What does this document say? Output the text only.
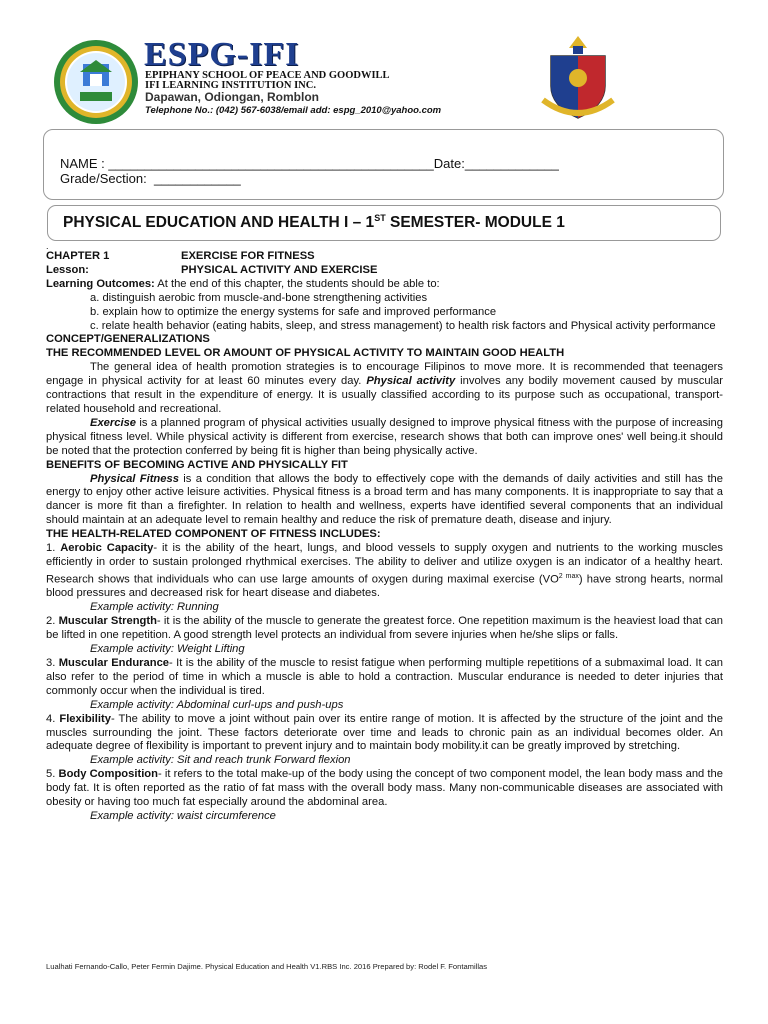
ESPG-IFI
EPIPHANY SCHOOL OF PEACE AND GOODWILL
IFI LEARNING INSTITUTION INC.
Dapawan, Odiongan, Romblon
Telephone No.: (042) 567-6038/email add: espg_2010@yahoo.com
NAME : _____________________________________________Date:_____________
Grade/Section: ____________
PHYSICAL EDUCATION AND HEALTH I – 1ST SEMESTER- MODULE 1

.

CHAPTER 1	EXERCISE FOR FITNESS

Lesson:	PHYSICAL ACTIVITY AND EXERCISE

Learning Outcomes: At the end of this chapter, the students should be able to:

a. distinguish aerobic from muscle-and-bone strengthening activities

b. explain how to optimize the energy systems for safe and improved performance

c. relate health behavior (eating habits, sleep, and stress management) to health risk factors and Physical activity performance

CONCEPT/GENERALIZATIONS

THE RECOMMENDED LEVEL OR AMOUNT OF PHYSICAL ACTIVITY TO MAINTAIN GOOD HEALTH

The general idea of health promotion strategies is to encourage Filipinos to move more. It is recommended that teenagers engage in physical activity for at least 60 minutes every day. Physical activity involves any bodily movement caused by muscular contractions that result in the expenditure of energy. It is usually classified according to its purpose such as occupational, transport-related household and recreational.

Exercise is a planned program of physical activities usually designed to improve physical fitness with the purpose of increasing physical fitness level. While physical activity is different from exercise, research shows that both can improve ones' well being.it should be noted that the protection conferred by being fit is higher than being physically active.

BENEFITS OF BECOMING ACTIVE AND PHYSICALLY FIT

Physical Fitness is a condition that allows the body to effectively cope with the demands of daily activities and still has the energy to enjoy other active leisure activities. Physical fitness is a broad term and has many components. It is inappropriate to say that a dancer is more fit than a firefighter. In relation to health and wellness, experts have identified several components that an individual should maintain at an adequate level to remain healthy and reduce the risk of premature death, disease and injury.

THE HEALTH-RELATED COMPONENT OF FITNESS INCLUDES:

1. Aerobic Capacity- it is the ability of the heart, lungs, and blood vessels to supply oxygen and nutrients to the working muscles efficiently in order to sustain prolonged rhythmical exercises. The ability to deliver and utilize oxygen is an indicator of a healthy heart. Research shows that individuals who can use large amounts of oxygen during maximal exercise $(VO^{2 max})$ have strong hearts, normal blood pressures and decreased risk for heart disease and diabetes.

Example activity: Running

2. Muscular Strength- it is the ability of the muscle to generate the greatest force. One repetition maximum is the heaviest load that can be lifted in one repetition. A good strength level protects an individual from severe injuries when he/she slips or falls.

Example activity: Weight Lifting

3. Muscular Endurance- It is the ability of the muscle to resist fatigue when performing multiple repetitions of a submaximal load. It can also refer to the period of time in which a muscle is able to hold a contraction. Muscular endurance is needed to deter injuries that commonly occur when the individual is tired.

Example activity: Abdominal curl-ups and push-ups

4. Flexibility- The ability to move a joint without pain over its entire range of motion. It is affected by the structure of the joint and the muscles surrounding the joint. These factors deteriorate over time and leads to chronic pain as an individual becomes older. An adequate degree of flexibility is important to prevent injury and to maintain body mobility.it can be greatly improved by stretching.

Example activity: Sit and reach trunk Forward flexion

5. Body Composition- it refers to the total make-up of the body using the concept of two component model, the lean body mass and the body fat. It is often reported as the ratio of fat mass with the overall body mass. Many non-communicable diseases are associated with obesity or having too much fat especially around the abdominal area.

Example activity: waist circumference

Lualhati Fernando-Callo, Peter Fermin Dajime. Physical Education and Health V1.RBS Inc. 2016 Prepared by: Rodel F. Fontamillas
